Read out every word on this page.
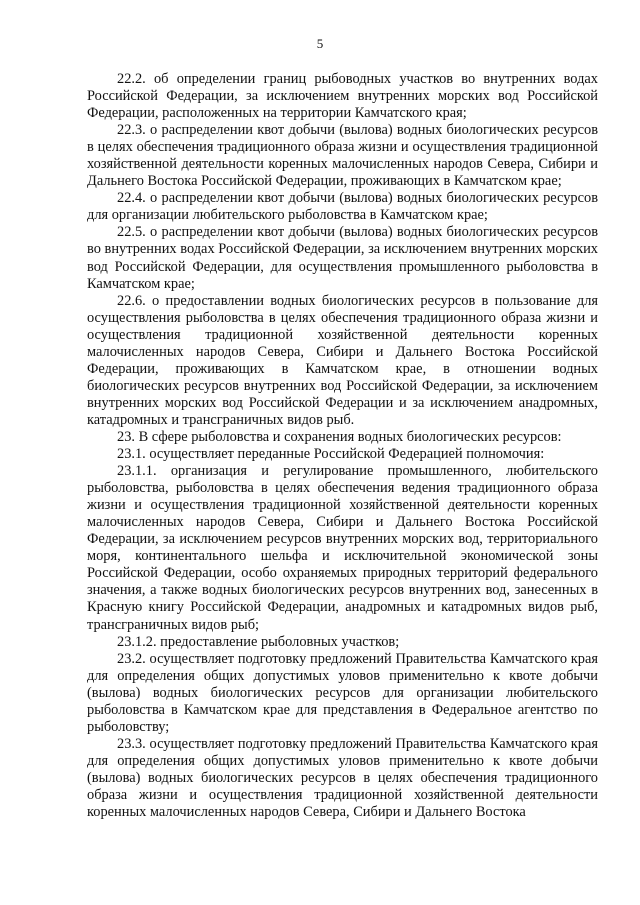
5

22.2. об определении границ рыбоводных участков во внутренних водах Российской Федерации, за исключением внутренних морских вод Российской Федерации, расположенных на территории Камчатского края;

22.3. о распределении квот добычи (вылова) водных биологических ресурсов в целях обеспечения традиционного образа жизни и осуществления традиционной хозяйственной деятельности коренных малочисленных народов Севера, Сибири и Дальнего Востока Российской Федерации, проживающих в Камчатском крае;

22.4. о распределении квот добычи (вылова) водных биологических ресурсов для организации любительского рыболовства в Камчатском крае;

22.5. о распределении квот добычи (вылова) водных биологических ресурсов во внутренних водах Российской Федерации, за исключением внутренних морских вод Российской Федерации, для осуществления промышленного рыболовства в Камчатском крае;

22.6. о предоставлении водных биологических ресурсов в пользование для осуществления рыболовства в целях обеспечения традиционного образа жизни и осуществления традиционной хозяйственной деятельности коренных малочисленных народов Севера, Сибири и Дальнего Востока Российской Федерации, проживающих в Камчатском крае, в отношении водных биологических ресурсов внутренних вод Российской Федерации, за исключением внутренних морских вод Российской Федерации и за исключением анадромных, катадромных и трансграничных видов рыб.

23. В сфере рыболовства и сохранения водных биологических ресурсов:

23.1. осуществляет переданные Российской Федерацией полномочия:

23.1.1. организация и регулирование промышленного, любительского рыболовства, рыболовства в целях обеспечения ведения традиционного образа жизни и осуществления традиционной хозяйственной деятельности коренных малочисленных народов Севера, Сибири и Дальнего Востока Российской Федерации, за исключением ресурсов внутренних морских вод, территориального моря, континентального шельфа и исключительной экономической зоны Российской Федерации, особо охраняемых природных территорий федерального значения, а также водных биологических ресурсов внутренних вод, занесенных в Красную книгу Российской Федерации, анадромных и катадромных видов рыб, трансграничных видов рыб;

23.1.2. предоставление рыболовных участков;

23.2. осуществляет подготовку предложений Правительства Камчатского края для определения общих допустимых уловов применительно к квоте добычи (вылова) водных биологических ресурсов для организации любительского рыболовства в Камчатском крае для представления в Федеральное агентство по рыболовству;

23.3. осуществляет подготовку предложений Правительства Камчатского края для определения общих допустимых уловов применительно к квоте добычи (вылова) водных биологических ресурсов в целях обеспечения традиционного образа жизни и осуществления традиционной хозяйственной деятельности коренных малочисленных народов Севера, Сибири и Дальнего Востока
